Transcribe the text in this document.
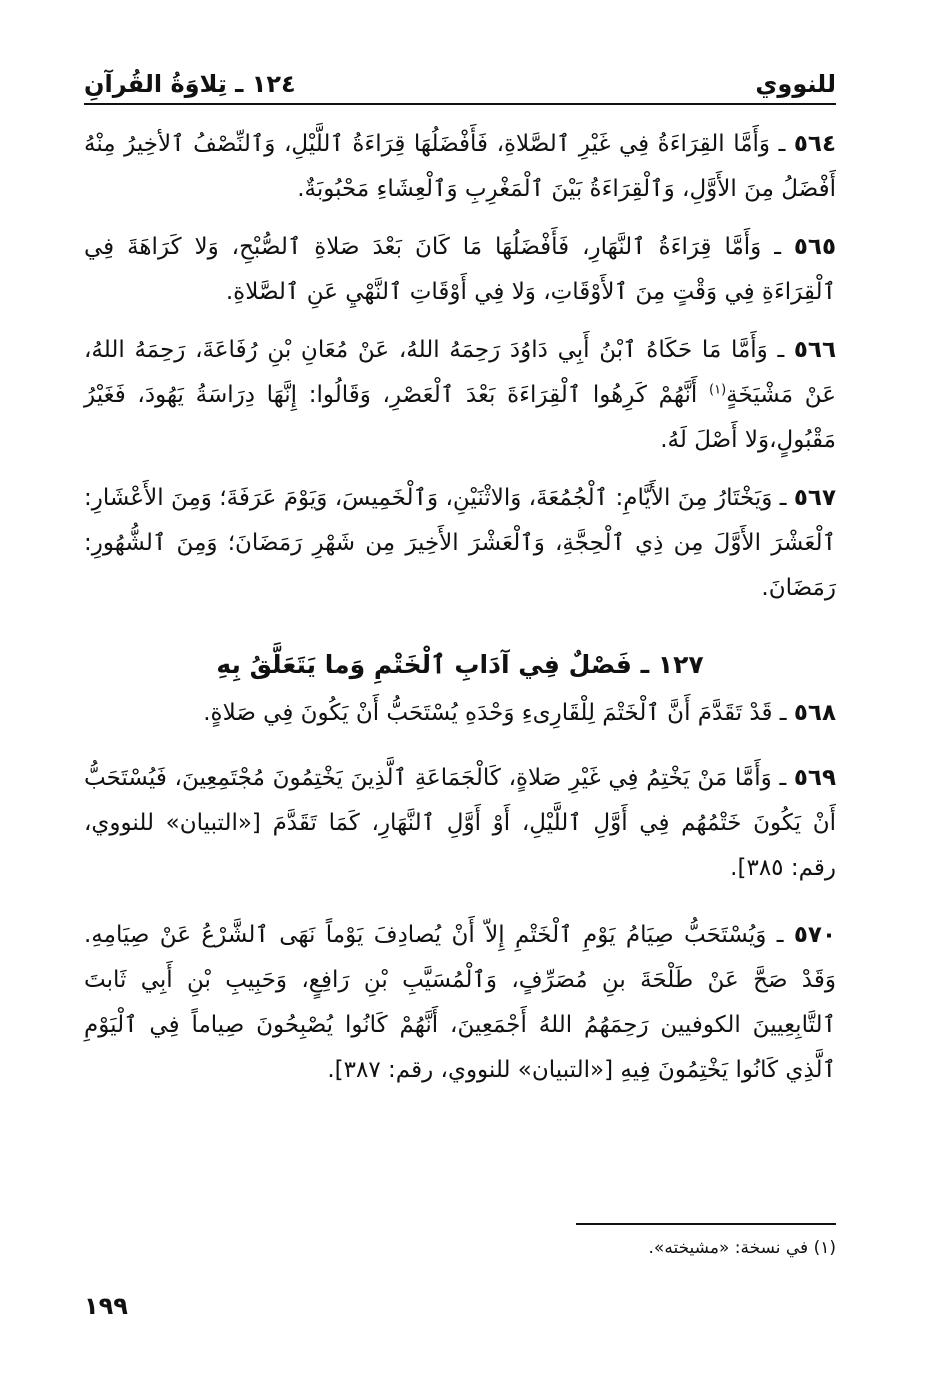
للنووي
١٢٤ ـ تِلاوَةُ القُرآنِ

٥٦٤ ـ وَأَمَّا القِرَاءَةُ فِي غَيْرِ ٱلصَّلاةِ، فَأَفْضَلُهَا قِرَاءَةُ ٱللَّيْلِ، وَٱلنِّصْفُ ٱلأخِيرُ مِنْهُ أَفْضَلُ مِنَ الأَوَّلِ، وَٱلْقِرَاءَةُ بَيْنَ ٱلْمَغْرِبِ وَٱلْعِشَاءِ مَحْبُوبَةٌ.

٥٦٥ ـ وَأَمَّا قِرَاءَةُ ٱلنَّهَارِ، فَأَفْضَلُهَا مَا كَانَ بَعْدَ صَلاةِ ٱلصُّبْحِ، وَلا كَرَاهَةَ فِي ٱلْقِرَاءَةِ فِي وَقْتٍ مِنَ ٱلأَوْقَاتِ، وَلا فِي أَوْقَاتِ ٱلنَّهْيِ عَنِ ٱلصَّلاةِ.

٥٦٦ ـ وَأَمَّا مَا حَكَاهُ ٱبْنُ أَبِي دَاوُدَ رَحِمَهُ اللهُ، عَنْ مُعَانِ بْنِ رُفَاعَةَ، رَحِمَهُ اللهُ، عَنْ مَشْيَخَةٍ$^{(١)}$ أَنَّهُمْ كَرِهُوا ٱلْقِرَاءَةَ بَعْدَ ٱلْعَصْرِ، وَقَالُوا: إِنَّهَا دِرَاسَةُ يَهُودَ، فَغَيْرُ مَقْبُولٍ،وَلا أَصْلَ لَهُ.

٥٦٧ ـ وَيَخْتَارُ مِنَ الأَيَّامِ: ٱلْجُمُعَةَ، وَالاثْنَيْنِ، وَٱلْخَمِيسَ، وَيَوْمَ عَرَفَةَ؛ وَمِنَ الأَعْشَارِ: ٱلْعَشْرَ الأَوَّلَ مِن ذِي ٱلْحِجَّةِ، وَٱلْعَشْرَ الأَخِيرَ مِن شَهْرِ رَمَضَانَ؛ وَمِنَ ٱلشُّهُورِ: رَمَضَانَ.

١٢٧ ـ فَصْلٌ فِي آدَابِ ٱلْخَتْمِ وَما يَتَعَلَّقُ بِهِ

٥٦٨ ـ قَدْ تَقَدَّمَ أَنَّ ٱلْخَتْمَ لِلْقَارِىءِ وَحْدَهِ يُسْتَحَبُّ أَنْ يَكُونَ فِي صَلاةٍ.

٥٦٩ ـ وَأَمَّا مَنْ يَخْتِمُ فِي غَيْرِ صَلاةٍ، كَالْجَمَاعَةِ ٱلَّذِينَ يَخْتِمُونَ مُجْتَمِعِينَ، فَيُسْتَحَبُّ أَنْ يَكُونَ خَتْمُهُم فِي أَوَّلِ ٱللَّيْلِ، أَوْ أَوَّلِ ٱلنَّهَارِ، كَمَا تَقَدَّمَ [«التبيان» للنووي، رقم: ٣٨٥].

٥٧٠ ـ وَيُسْتَحَبُّ صِيَامُ يَوْمِ ٱلْخَتْمِ إِلاّ أَنْ يُصادِفَ يَوْماً نَهَى ٱلشَّرْعُ عَنْ صِيَامِهِ. وَقَدْ صَحَّ عَنْ طَلْحَةَ بنِ مُصَرِّفٍ، وَٱلْمُسَيَّبِ بْنِ رَافِعٍ، وَحَبِيبِ بْنِ أَبِي ثَابتَ ٱلتَّابِعِيينَ الكوفيين رَحِمَهُمُ اللهُ أَجْمَعِينَ، أَنَّهُمْ كَانُوا يُصْبِحُونَ صِياماً فِي ٱلْيَوْمِ ٱلَّذِي كَانُوا يَخْتِمُونَ فِيهِ [«التبيان» للنووي، رقم: ٣٨٧].

(١) في نسخة: «مشيخته».
١٩٩
